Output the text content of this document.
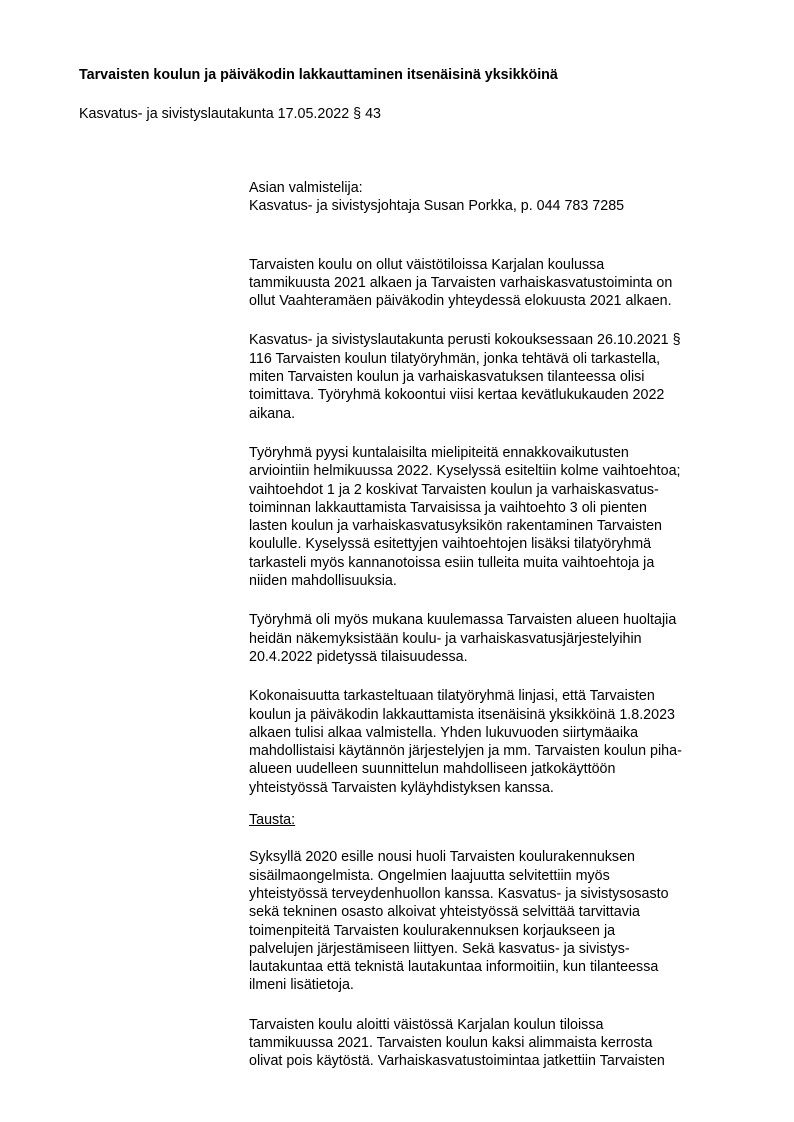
Tarvaisten koulun ja päiväkodin lakkauttaminen itsenäisinä yksikköinä

Kasvatus- ja sivistyslautakunta 17.05.2022 § 43

Asian valmistelija:
Kasvatus- ja sivistysjohtaja Susan Porkka, p. 044 783 7285
Tarvaisten koulu on ollut väistötiloissa Karjalan koulussa
tammikuusta 2021 alkaen ja Tarvaisten varhaiskasvatustoiminta on
ollut Vaahteramäen päiväkodin yhteydessä elokuusta 2021 alkaen.
Kasvatus- ja sivistyslautakunta perusti kokouksessaan 26.10.2021 §
116 Tarvaisten koulun tilatyöryhmän, jonka tehtävä oli tarkastella,
miten Tarvaisten koulun ja varhaiskasvatuksen tilanteessa olisi
toimittava. Työryhmä kokoontui viisi kertaa kevätlukukauden 2022
aikana.
Työryhmä pyysi kuntalaisilta mielipiteitä ennakkovaikutusten
arviointiin helmikuussa 2022. Kyselyssä esiteltiin kolme vaihtoehtoa;
vaihtoehdot 1 ja 2 koskivat Tarvaisten koulun ja varhaiskasvatus-
toiminnan lakkauttamista Tarvaisissa ja vaihtoehto 3 oli pienten
lasten koulun ja varhaiskasvatusyksikön rakentaminen Tarvaisten
koululle. Kyselyssä esitettyjen vaihtoehtojen lisäksi tilatyöryhmä
tarkasteli myös kannanotoissa esiin tulleita muita vaihtoehtoja ja
niiden mahdollisuuksia.
Työryhmä oli myös mukana kuulemassa Tarvaisten alueen huoltajia
heidän näkemyksistään koulu- ja varhaiskasvatusjärjestelyihin
20.4.2022 pidetyssä tilaisuudessa.
Kokonaisuutta tarkasteltuaan tilatyöryhmä linjasi, että Tarvaisten
koulun ja päiväkodin lakkauttamista itsenäisinä yksikköinä 1.8.2023
alkaen tulisi alkaa valmistella. Yhden lukuvuoden siirtymäaika
mahdollistaisi käytännön järjestelyjen ja mm. Tarvaisten koulun piha-
alueen uudelleen suunnittelun mahdolliseen jatkokäyttöön
yhteistyössä Tarvaisten kyläyhdistyksen kanssa.
Tausta:
Syksyllä 2020 esille nousi huoli Tarvaisten koulurakennuksen
sisäilmaongelmista. Ongelmien laajuutta selvitettiin myös
yhteistyössä terveydenhuollon kanssa. Kasvatus- ja sivistysosasto
sekä tekninen osasto alkoivat yhteistyössä selvittää tarvittavia
toimenpiteitä Tarvaisten koulurakennuksen korjaukseen ja
palvelujen järjestämiseen liittyen. Sekä kasvatus- ja sivistys-
lautakuntaa että teknistä lautakuntaa informoitiin, kun tilanteessa
ilmeni lisätietoja.
Tarvaisten koulu aloitti väistössä Karjalan koulun tiloissa
tammikuussa 2021. Tarvaisten koulun kaksi alimmaista kerrosta
olivat pois käytöstä. Varhaiskasvatustoimintaa jatkettiin Tarvaisten
